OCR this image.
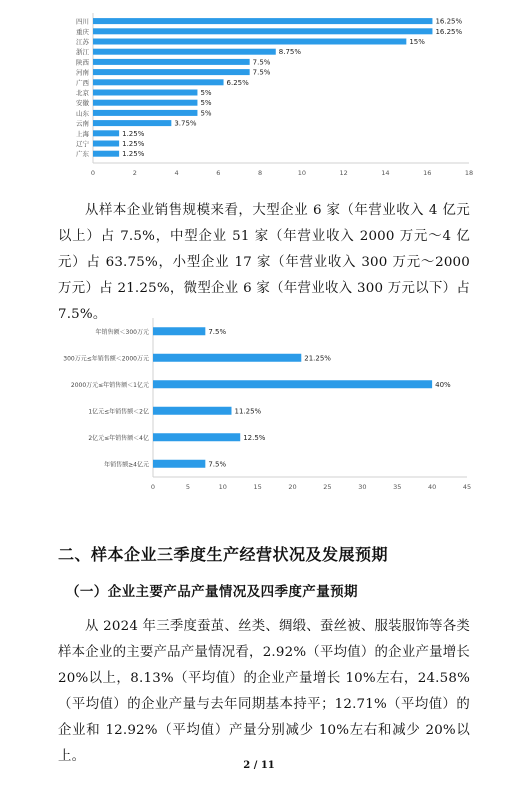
四川	16.25%
重庆	16.25%
江苏	15%
浙江	8.75%
陕西	7.5%
河南	7.5%
广西	6.25%
北京	5%
安徽	5%
山东	5%
云南	3.75%
上海	1.25%
辽宁	1.25%
广东	1.25%
0	2	4	6	8	10	12	14	16	18
从样本企业销售规模来看，大型企业 6 家（年营业收入 4 亿元以上）占 7.5%，中型企业 51 家（年营业收入 2000 万元～4 亿元）占 63.75%，小型企业 17 家（年营业收入 300 万元～2000 万元）占 21.25%，微型企业 6 家（年营业收入 300 万元以下）占 7.5%。
年销售额＜300万元	7.5%
300万元≤年销售额＜2000万元	21.25%
2000万元≤年销售额＜1亿元	40%
1亿元≤年销售额＜2亿	11.25%
2亿元≤年销售额＜4亿	12.5%
年销售额≥4亿元	7.5%
0	5	10	15	20	25	30	35	40	45
二、样本企业三季度生产经营状况及发展预期
（一）企业主要产品产量情况及四季度产量预期
从 2024 年三季度蚕茧、丝类、绸缎、蚕丝被、服装服饰等各类样本企业的主要产品产量情况看，2.92%（平均值）的企业产量增长 20%以上，8.13%（平均值）的企业产量增长 10%左右，24.58%（平均值）的企业产量与去年同期基本持平；12.71%（平均值）的企业和 12.92%（平均值）产量分别减少 10%左右和减少 20%以上。
2 / 11
